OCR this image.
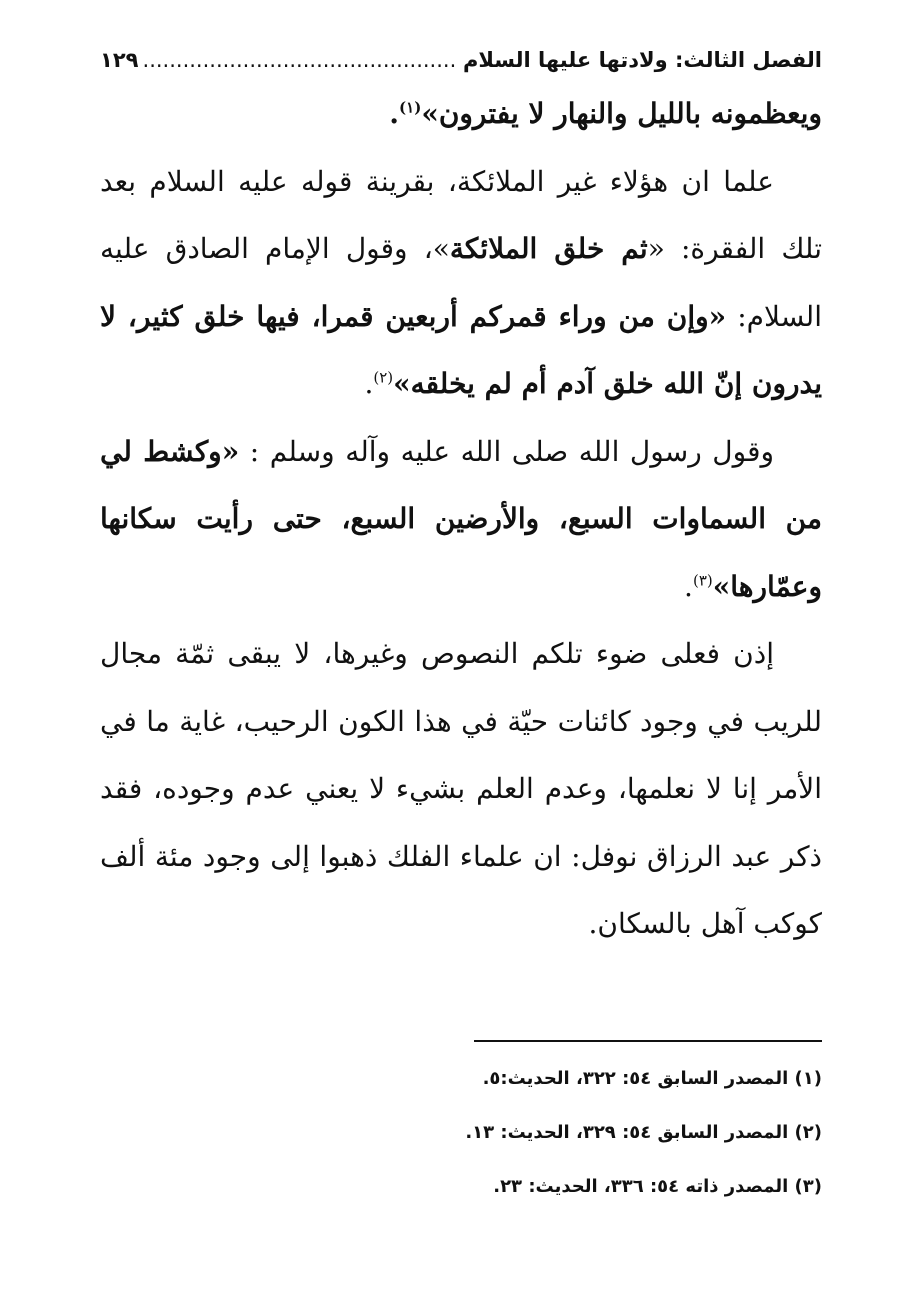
الفصل الثالث: ولادتها عليها السلام .....
١٢٩

ويعظمونه بالليل والنهار لا يفترون»$^{(١)}$.

علما ان هؤلاء غير الملائكة، بقرينة قوله عليه السلام بعد تلك الفقرة: «ثم خلق الملائكة»، وقول الإمام الصادق عليه السلام: «وإن من وراء قمركم أربعين قمرا، فيها خلق كثير، لا يدرون إنّ الله خلق آدم أم لم يخلقه»$^{(٢)}$.

وقول رسول الله صلى الله عليه وآله وسلم : «وكشط لي من السماوات السبع، والأرضين السبع، حتى رأيت سكانها وعمّارها»$^{(٣)}$.

إذن فعلى ضوء تلكم النصوص وغيرها، لا يبقى ثمّة مجال للريب في وجود كائنات حيّة في هذا الكون الرحيب، غاية ما في الأمر إنا لا نعلمها، وعدم العلم بشيء لا يعني عدم وجوده، فقد ذكر عبد الرزاق نوفل: ان علماء الفلك ذهبوا إلى وجود مئة ألف كوكب آهل بالسكان.

(١) المصدر السابق ٥٤: ٣٢٢، الحديث:٥.
(٢) المصدر السابق ٥٤: ٣٢٩، الحديث: ١٣.
(٣) المصدر ذاته ٥٤: ٣٣٦، الحديث: ٢٣.
